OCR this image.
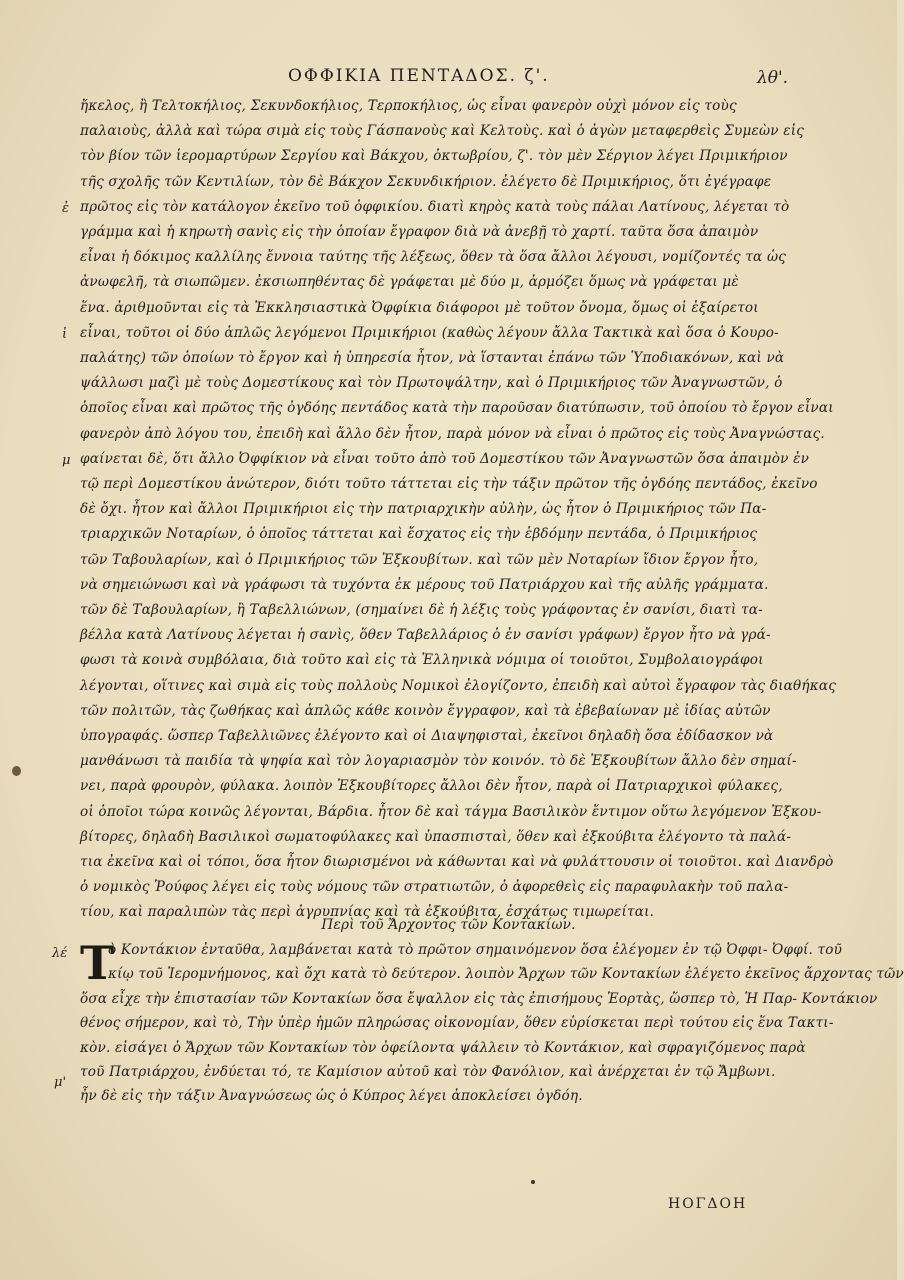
ΟΦΦΙΚΙΑ ΠΕΝΤΑΔΟΣ. ζ'.	λθ'.
ἤκελος, ἢ Τελτοκήλιος, Σεκυνδοκήλιος, Τερποκήλιος, ὡς εἶναι φανερὸν οὐχὶ μόνον εἰς τοὺς
παλαιοὺς, ἀλλὰ καὶ τώρα σιμὰ εἰς τοὺς Γάσπανοὺς καὶ Κελτοὺς. καὶ ὁ ἀγὼν μεταφερθεὶς Συμεὼν εἰς
τὸν βίον τῶν ἱερομαρτύρων Σεργίου καὶ Βάκχου, ὀκτωβρίου, ζ'. τὸν μὲν Σέργιον λέγει Πριμικήριον
τῆς σχολῆς τῶν Κεντιλίων, τὸν δὲ Βάκχον Σεκυνδικήριον. ἐλέγετο δὲ Πριμικήριος, ὅτι ἐγέγραφε
πρῶτος εἰς τὸν κατάλογον ἐκεῖνο τοῦ ὀφφικίου. διατὶ κηρὸς κατὰ τοὺς πάλαι Λατίνους, λέγεται τὸ
γράμμα καὶ ἡ κηρωτὴ σανὶς εἰς τὴν ὁποίαν ἔγραφον διὰ νὰ ἀνεβῇ τὸ χαρτί. ταῦτα ὅσα ἀπαιμὸν
εἶναι ἡ δόκιμος καλλίλης ἔννοια ταύτης τῆς λέξεως, ὅθεν τὰ ὅσα ἄλλοι λέγουσι, νομίζοντές τα ὡς
ἀνωφελῆ, τὰ σιωπῶμεν. ἐκσιωπηθέντας δὲ γράφεται μὲ δύο μ, ἁρμόζει ὅμως νὰ γράφεται μὲ
ἕνα. ἀριθμοῦνται εἰς τὰ Ἐκκλησιαστικὰ Ὀφφίκια διάφοροι μὲ τοῦτον ὄνομα, ὅμως οἱ ἐξαίρετοι
εἶναι, τοῦτοι οἱ δύο ἁπλῶς λεγόμενοι Πριμικήριοι (καθὼς λέγουν ἄλλα Τακτικὰ καὶ ὅσα ὁ Κουρο-
παλάτης) τῶν ὁποίων τὸ ἔργον καὶ ἡ ὑπηρεσία ἦτον, νὰ ἵστανται ἐπάνω τῶν Ὑποδιακόνων, καὶ νὰ
ψάλλωσι μαζὶ μὲ τοὺς Δομεστίκους καὶ τὸν Πρωτοψάλτην, καὶ ὁ Πριμικήριος τῶν Ἀναγνωστῶν, ὁ
ὁποῖος εἶναι καὶ πρῶτος τῆς ὀγδόης πεντάδος κατὰ τὴν παροῦσαν διατύπωσιν, τοῦ ὁποίου τὸ ἔργον εἶναι
φανερὸν ἀπὸ λόγου του, ἐπειδὴ καὶ ἄλλο δὲν ἦτον, παρὰ μόνον νὰ εἶναι ὁ πρῶτος εἰς τοὺς Ἀναγνώστας.
φαίνεται δὲ, ὅτι ἄλλο Ὀφφίκιον νὰ εἶναι τοῦτο ἀπὸ τοῦ Δομεστίκου τῶν Ἀναγνωστῶν ὅσα ἀπαιμὸν ἐν
τῷ περὶ Δομεστίκου ἀνώτερον, διότι τοῦτο τάττεται εἰς τὴν τάξιν πρῶτον τῆς ὀγδόης πεντάδος, ἐκεῖνο
δὲ ὄχι. ἦτον καὶ ἄλλοι Πριμικήριοι εἰς τὴν πατριαρχικὴν αὐλὴν, ὡς ἦτον ὁ Πριμικήριος τῶν Πα-
τριαρχικῶν Νοταρίων, ὁ ὁποῖος τάττεται καὶ ἔσχατος εἰς τὴν ἑβδόμην πεντάδα, ὁ Πριμικήριος
τῶν Ταβουλαρίων, καὶ ὁ Πριμικήριος τῶν Ἐξκουβίτων. καὶ τῶν μὲν Νοταρίων ἴδιον ἔργον ἦτο,
νὰ σημειώνωσι καὶ νὰ γράφωσι τὰ τυχόντα ἐκ μέρους τοῦ Πατριάρχου καὶ τῆς αὐλῆς γράμματα.
τῶν δὲ Ταβουλαρίων, ἢ Ταβελλιώνων, (σημαίνει δὲ ἡ λέξις τοὺς γράφοντας ἐν σανίσι, διατὶ τα-
βέλλα κατὰ Λατίνους λέγεται ἡ σανὶς, ὅθεν Ταβελλάριος ὁ ἐν σανίσι γράφων) ἔργον ἦτο νὰ γρά-
φωσι τὰ κοινὰ συμβόλαια, διὰ τοῦτο καὶ εἰς τὰ Ἑλληνικὰ νόμιμα οἱ τοιοῦτοι, Συμβολαιογράφοι
λέγονται, οἵτινες καὶ σιμὰ εἰς τοὺς πολλοὺς Νομικοὶ ἐλογίζοντο, ἐπειδὴ καὶ αὐτοὶ ἔγραφον τὰς διαθήκας
τῶν πολιτῶν, τὰς ζωθήκας καὶ ἁπλῶς κάθε κοινὸν ἔγγραφον, καὶ τὰ ἐβεβαίωναν μὲ ἰδίας αὐτῶν
ὑπογραφάς. ὥσπερ Ταβελλιῶνες ἐλέγοντο καὶ οἱ Διαψηφισταὶ, ἐκεῖνοι δηλαδὴ ὅσα ἐδίδασκον νὰ
μανθάνωσι τὰ παιδία τὰ ψηφία καὶ τὸν λογαριασμὸν τὸν κοινόν. τὸ δὲ Ἐξκουβίτων ἄλλο δὲν σημαί-
νει, παρὰ φρουρὸν, φύλακα. λοιπὸν Ἐξκουβίτορες ἄλλοι δὲν ἦτον, παρὰ οἱ Πατριαρχικοὶ φύλακες,
οἱ ὁποῖοι τώρα κοινῶς λέγονται, Βάρδια. ἦτον δὲ καὶ τάγμα Βασιλικὸν ἔντιμον οὕτω λεγόμενον Ἐξκου-
βίτορες, δηλαδὴ Βασιλικοὶ σωματοφύλακες καὶ ὑπασπισταὶ, ὅθεν καὶ ἐξκούβιτα ἐλέγοντο τὰ παλά-
τια ἐκεῖνα καὶ οἱ τόποι, ὅσα ἦτον διωρισμένοι νὰ κάθωνται καὶ νὰ φυλάττουσιν οἱ τοιοῦτοι. καὶ Διανδρὸ
ὁ νομικὸς Ῥούφος λέγει εἰς τοὺς νόμους τῶν στρατιωτῶν, ὁ ἀφορεθεὶς εἰς παραφυλακὴν τοῦ παλα-
τίου, καὶ παραλιπὼν τὰς περὶ ἀγρυπνίας καὶ τὰ ἐξκούβιτα, ἐσχάτως τιμωρείται.
ἐ
ἰ
μ
λέ
μ'
Περὶ τοῦ Ἄρχοντος τῶν Κοντακίων.
Τ
ὸ Κοντάκιον ἐνταῦθα, λαμβάνεται κατὰ τὸ πρῶτον σημαινόμενον ὅσα ἐλέγομεν ἐν τῷ Ὀφφι- Ὀφφί. τοῦ
κίῳ τοῦ Ἱερομνήμονος, καὶ ὄχι κατὰ τὸ δεύτερον. λοιπὸν Ἄρχων τῶν Κοντακίων ἐλέγετο ἐκεῖνος ἄρχοντας τῶν
ὅσα εἶχε τὴν ἐπιστασίαν τῶν Κοντακίων ὅσα ἔψαλλον εἰς τὰς ἐπισήμους Ἑορτὰς, ὥσπερ τὸ, Ἡ Παρ- Κοντάκιον
θένος σήμερον, καὶ τὸ, Τὴν ὑπὲρ ἡμῶν πληρώσας οἰκονομίαν, ὅθεν εὑρίσκεται περὶ τούτου εἰς ἕνα Τακτι-
κὸν. εἰσάγει ὁ Ἄρχων τῶν Κοντακίων τὸν ὀφείλοντα ψάλλειν τὸ Κοντάκιον, καὶ σφραγιζόμενος παρὰ
τοῦ Πατριάρχου, ἐνδύεται τό, τε Καμίσιον αὐτοῦ καὶ τὸν Φανόλιον, καὶ ἀνέρχεται ἐν τῷ Ἄμβωνι.
ἦν δὲ εἰς τὴν τάξιν Ἀναγνώσεως ὡς ὁ Κύπρος λέγει ἀποκλείσει ὀγδόη.
ΗΟΓΔΟΗ
